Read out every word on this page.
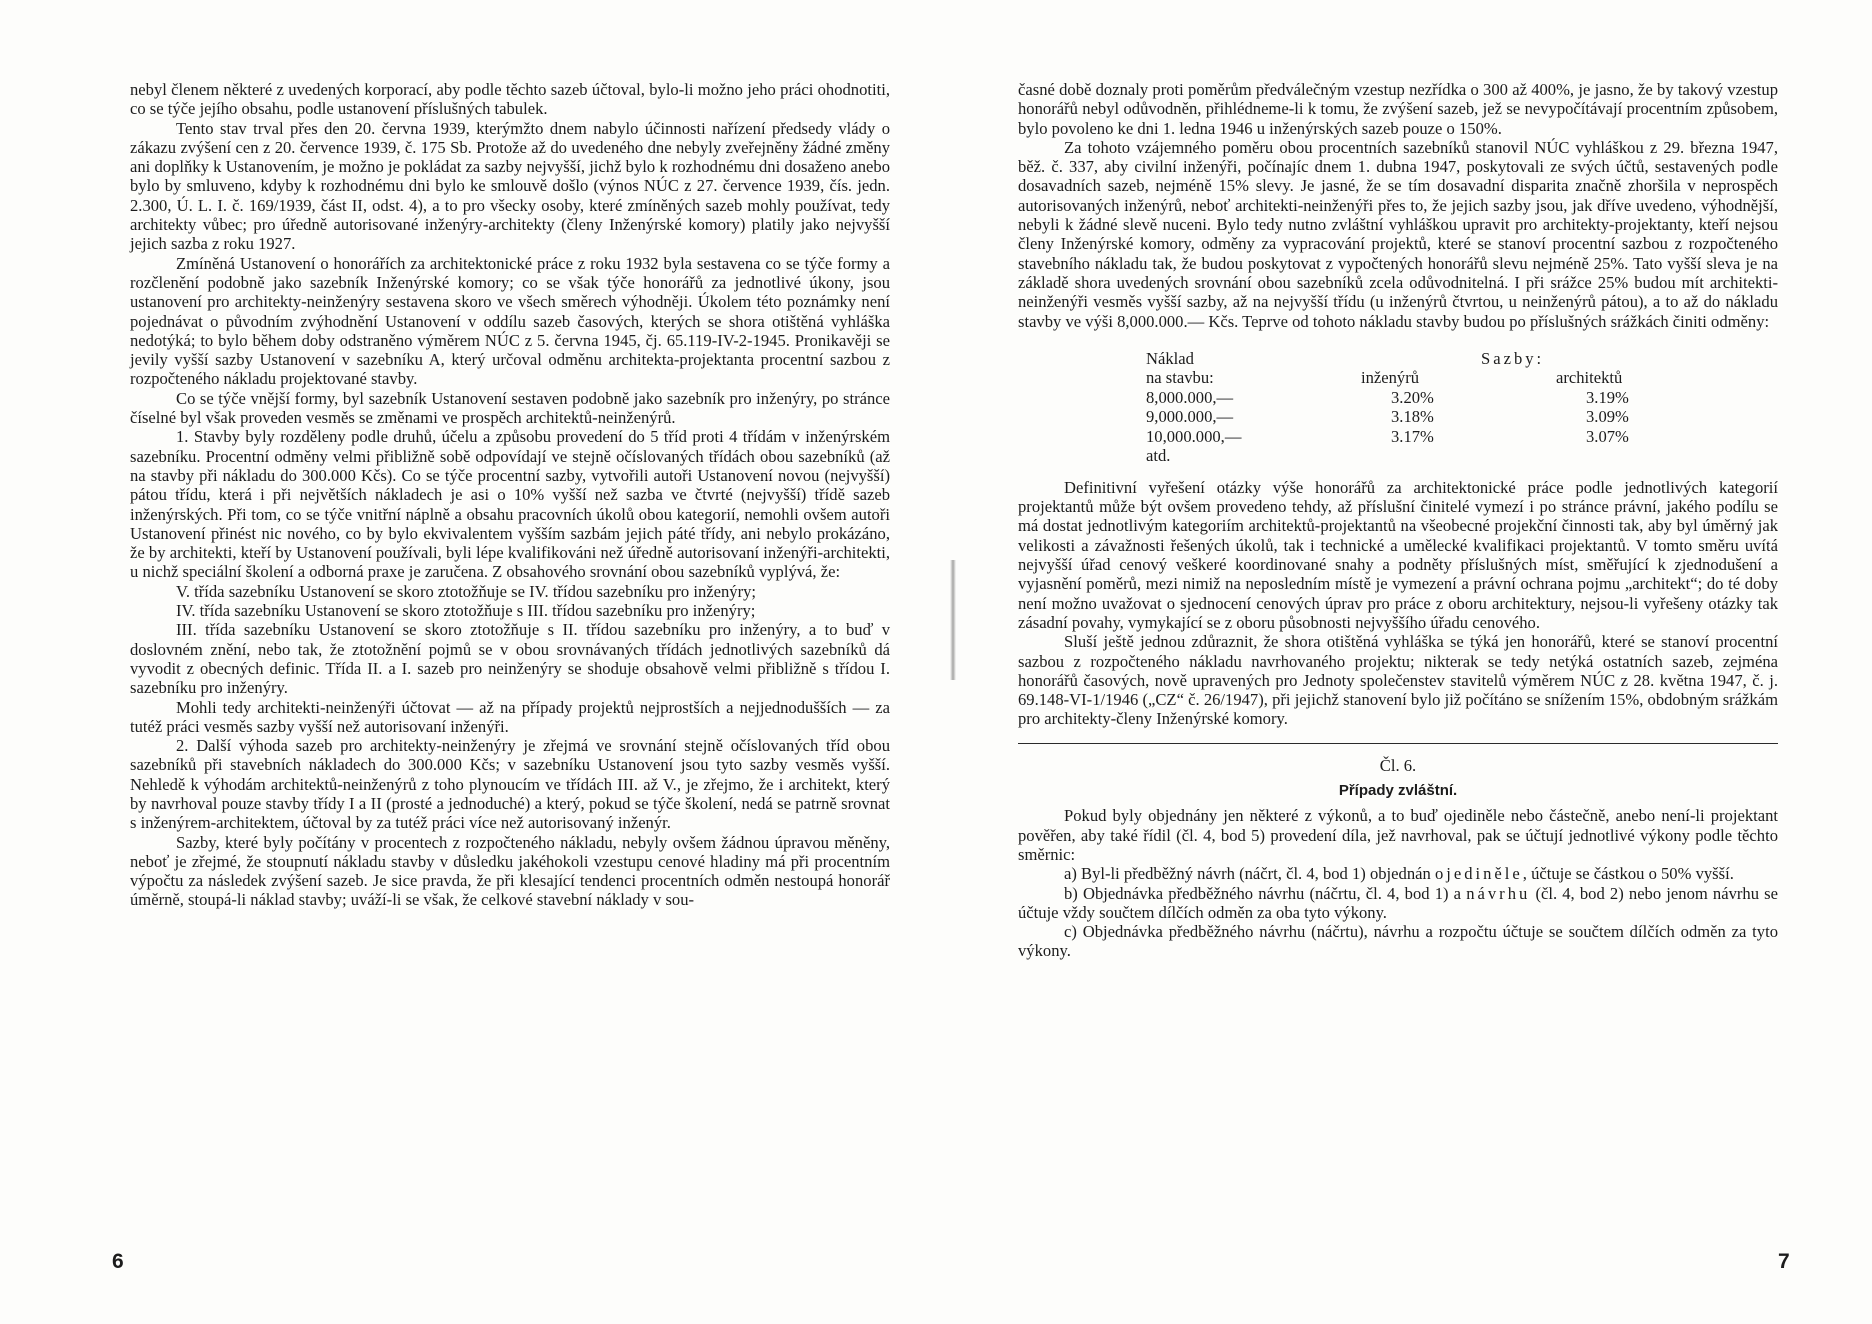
nebyl členem některé z uvedených korporací, aby podle těchto sazeb účtoval, bylo-li možno jeho práci ohodnotiti, co se týče jejího obsahu, podle ustanovení příslušných tabulek.

Tento stav trval přes den 20. června 1939, kterýmžto dnem nabylo účinnosti nařízení předsedy vlády o zákazu zvýšení cen z 20. července 1939, č. 175 Sb. Protože až do uvedeného dne nebyly zveřejněny žádné změny ani doplňky k Ustanovením, je možno je pokládat za sazby nejvyšší, jichž bylo k rozhodnému dni dosaženo anebo bylo by smluveno, kdyby k rozhodnému dni bylo ke smlouvě došlo (výnos NÚC z 27. července 1939, čís. jedn. 2.300, Ú. L. I. č. 169/1939, část II, odst. 4), a to pro všecky osoby, které zmíněných sazeb mohly používat, tedy architekty vůbec; pro úředně autorisované inženýry-architekty (členy Inženýrské komory) platily jako nejvyšší jejich sazba z roku 1927.

Zmíněná Ustanovení o honorářích za architektonické práce z roku 1932 byla sestavena co se týče formy a rozčlenění podobně jako sazebník Inženýrské komory; co se však týče honorářů za jednotlivé úkony, jsou ustanovení pro architekty-neinženýry sestavena skoro ve všech směrech výhodněji. Úkolem této poznámky není pojednávat o původním zvýhodnění Ustanovení v oddílu sazeb časových, kterých se shora otištěná vyhláška nedotýká; to bylo během doby odstraněno výměrem NÚC z 5. června 1945, čj. 65.119-IV-2-1945. Pronikavěji se jevily vyšší sazby Ustanovení v sazebníku A, který určoval odměnu architekta-projektanta procentní sazbou z rozpočteného nákladu projektované stavby.

Co se týče vnější formy, byl sazebník Ustanovení sestaven podobně jako sazebník pro inženýry, po stránce číselné byl však proveden vesměs se změnami ve prospěch architektů-neinženýrů.

1. Stavby byly rozděleny podle druhů, účelu a způsobu provedení do 5 tříd proti 4 třídám v inženýrském sazebníku. Procentní odměny velmi přibližně sobě odpovídají ve stejně očíslovaných třídách obou sazebníků (až na stavby při nákladu do 300.000 Kčs). Co se týče procentní sazby, vytvořili autoři Ustanovení novou (nejvyšší) pátou třídu, která i při největších nákladech je asi o 10% vyšší než sazba ve čtvrté (nejvyšší) třídě sazeb inženýrských. Při tom, co se týče vnitřní náplně a obsahu pracovních úkolů obou kategorií, nemohli ovšem autoři Ustanovení přinést nic nového, co by bylo ekvivalentem vyšším sazbám jejich páté třídy, ani nebylo prokázáno, že by architekti, kteří by Ustanovení používali, byli lépe kvalifikováni než úředně autorisovaní inženýři-architekti, u nichž speciální školení a odborná praxe je zaručena. Z obsahového srovnání obou sazebníků vyplývá, že:

V. třída sazebníku Ustanovení se skoro ztotožňuje se IV. třídou sazebníku pro inženýry;

IV. třída sazebníku Ustanovení se skoro ztotožňuje s III. třídou sazebníku pro inženýry;

III. třída sazebníku Ustanovení se skoro ztotožňuje s II. třídou sazebníku pro inženýry, a to buď v doslovném znění, nebo tak, že ztotožnění pojmů se v obou srovnávaných třídách jednotlivých sazebníků dá vyvodit z obecných definic. Třída II. a I. sazeb pro neinženýry se shoduje obsahově velmi přibližně s třídou I. sazebníku pro inženýry.

Mohli tedy architekti-neinženýři účtovat — až na případy projektů nejprostších a nejjednodušších — za tutéž práci vesměs sazby vyšší než autorisovaní inženýři.

2. Další výhoda sazeb pro architekty-neinženýry je zřejmá ve srovnání stejně očíslovaných tříd obou sazebníků při stavebních nákladech do 300.000 Kčs; v sazebníku Ustanovení jsou tyto sazby vesměs vyšší. Nehledě k výhodám architektů-neinženýrů z toho plynoucím ve třídách III. až V., je zřejmo, že i architekt, který by navrhoval pouze stavby třídy I a II (prosté a jednoduché) a který, pokud se týče školení, nedá se patrně srovnat s inženýrem-architektem, účtoval by za tutéž práci více než autorisovaný inženýr.

Sazby, které byly počítány v procentech z rozpočteného nákladu, nebyly ovšem žádnou úpravou měněny, neboť je zřejmé, že stoupnutí nákladu stavby v důsledku jakéhokoli vzestupu cenové hladiny má při procentním výpočtu za následek zvýšení sazeb. Je sice pravda, že při klesající tendenci procentních odměn nestoupá honorář úměrně, stoupá-li náklad stavby; uváží-li se však, že celkové stavební náklady v sou-

6

časné době doznaly proti poměrům předválečným vzestup nezřídka o 300 až 400%, je jasno, že by takový vzestup honorářů nebyl odůvodněn, přihlédneme-li k tomu, že zvýšení sazeb, jež se nevypočítávají procentním způsobem, bylo povoleno ke dni 1. ledna 1946 u inženýrských sazeb pouze o 150%.

Za tohoto vzájemného poměru obou procentních sazebníků stanovil NÚC vyhláškou z 29. března 1947, běž. č. 337, aby civilní inženýři, počínajíc dnem 1. dubna 1947, poskytovali ze svých účtů, sestavených podle dosavadních sazeb, nejméně 15% slevy. Je jasné, že se tím dosavadní disparita značně zhoršila v neprospěch autorisovaných inženýrů, neboť architekti-neinženýři přes to, že jejich sazby jsou, jak dříve uvedeno, výhodnější, nebyli k žádné slevě nuceni. Bylo tedy nutno zvláštní vyhláškou upravit pro architekty-projektanty, kteří nejsou členy Inženýrské komory, odměny za vypracování projektů, které se stanoví procentní sazbou z rozpočteného stavebního nákladu tak, že budou poskytovat z vypočtených honorářů slevu nejméně 25%. Tato vyšší sleva je na základě shora uvedených srovnání obou sazebníků zcela odůvodnitelná. I při srážce 25% budou mít architekti-neinženýři vesměs vyšší sazby, až na nejvyšší třídu (u inženýrů čtvrtou, u neinženýrů pátou), a to až do nákladu stavby ve výši 8,000.000.— Kčs. Teprve od tohoto nákladu stavby budou po příslušných srážkách činiti odměny:

Náklad	Sazby:	
na stavbu:	inženýrů	architektů
8,000.000,—	3.20%	3.19%
9,000.000,—	3.18%	3.09%
10,000.000,—	3.17%	3.07%
atd.		

Definitivní vyřešení otázky výše honorářů za architektonické práce podle jednotlivých kategorií projektantů může být ovšem provedeno tehdy, až příslušní činitelé vymezí i po stránce právní, jakého podílu se má dostat jednotlivým kategoriím architektů-projektantů na všeobecné projekční činnosti tak, aby byl úměrný jak velikosti a závažnosti řešených úkolů, tak i technické a umělecké kvalifikaci projektantů. V tomto směru uvítá nejvyšší úřad cenový veškeré koordinované snahy a podněty příslušných míst, směřující k zjednodušení a vyjasnění poměrů, mezi nimiž na neposledním místě je vymezení a právní ochrana pojmu „architekt“; do té doby není možno uvažovat o sjednocení cenových úprav pro práce z oboru architektury, nejsou-li vyřešeny otázky tak zásadní povahy, vymykající se z oboru působnosti nejvyššího úřadu cenového.

Sluší ještě jednou zdůraznit, že shora otištěná vyhláška se týká jen honorářů, které se stanoví procentní sazbou z rozpočteného nákladu navrhovaného projektu; nikterak se tedy netýká ostatních sazeb, zejména honorářů časových, nově upravených pro Jednoty společenstev stavitelů výměrem NÚC z 28. května 1947, č. j. 69.148-VI-1/1946 („CZ“ č. 26/1947), při jejichž stanovení bylo již počítáno se snížením 15%, obdobným srážkám pro architekty-členy Inženýrské komory.

Čl. 6.
Případy zvláštní.

Pokud byly objednány jen některé z výkonů, a to buď ojediněle nebo částečně, anebo není-li projektant pověřen, aby také řídil (čl. 4, bod 5) provedení díla, jež navrhoval, pak se účtují jednotlivé výkony podle těchto směrnic:

a) Byl-li předběžný návrh (náčrt, čl. 4, bod 1) objednán ojediněle, účtuje se částkou o 50% vyšší.

b) Objednávka předběžného návrhu (náčrtu, čl. 4, bod 1) a návrhu (čl. 4, bod 2) nebo jenom návrhu se účtuje vždy součtem dílčích odměn za oba tyto výkony.

c) Objednávka předběžného návrhu (náčrtu), návrhu a rozpočtu účtuje se součtem dílčích odměn za tyto výkony.

7
